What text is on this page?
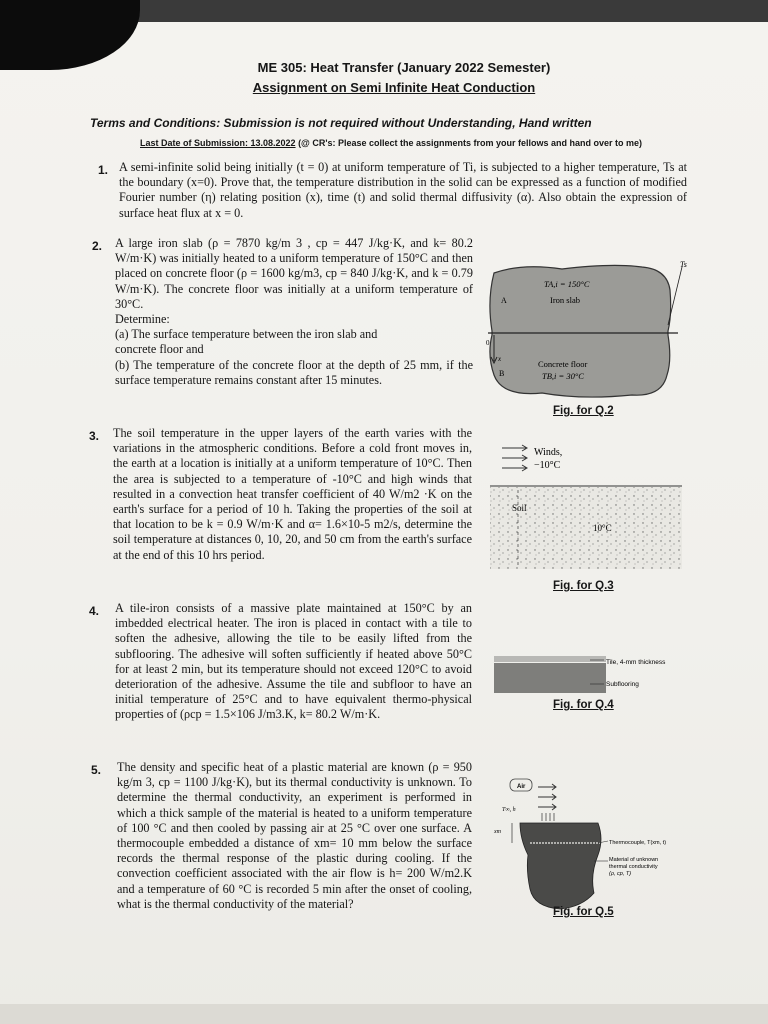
ME 305: Heat Transfer (January 2022 Semester)
Assignment on Semi Infinite Heat Conduction
Terms and Conditions: Submission is not required without Understanding, Hand written
Last Date of Submission: 13.08.2022 (@ CR's: Please collect the assignments from your fellows and hand over to me)
1. A semi-infinite solid being initially (t = 0) at uniform temperature of Ti, is subjected to a higher temperature, Ts at the boundary (x=0). Prove that, the temperature distribution in the solid can be expressed as a function of modified Fourier number (η) relating position (x), time (t) and solid thermal diffusivity (α). Also obtain the expression of surface heat flux at x = 0.
2. A large iron slab (ρ = 7870 kg/m 3 , cp = 447 J/kg·K, and k= 80.2 W/m·K) was initially heated to a uniform temperature of 150°C and then placed on concrete floor (ρ = 1600 kg/m3, cp = 840 J/kg·K, and k = 0.79 W/m·K). The concrete floor was initially at a uniform temperature of 30°C.

Determine:

(a) The surface temperature between the iron slab and concrete floor and

(b) The temperature of the concrete floor at the depth of 25 mm, if the surface temperature remains constant after 15 minutes.

Ts
TA,i = 150°C
Iron slab
Concrete floor
TB,i = 30°C
A
B
x
0
Fig. for Q.2
3. The soil temperature in the upper layers of the earth varies with the variations in the atmospheric conditions. Before a cold front moves in, the earth at a location is initially at a uniform temperature of 10°C. Then the area is subjected to a temperature of -10°C and high winds that resulted in a convection heat transfer coefficient of 40 W/m2 ·K on the earth's surface for a period of 10 h. Taking the properties of the soil at that location to be k = 0.9 W/m·K and α= 1.6×10-5 m2/s, determine the soil temperature at distances 0, 10, 20, and 50 cm from the earth's surface at the end of this 10 hrs period.
Winds,
−10°C
Soil
10°C
Fig. for Q.3
4. A tile-iron consists of a massive plate maintained at 150°C by an imbedded electrical heater. The iron is placed in contact with a tile to soften the adhesive, allowing the tile to be easily lifted from the subflooring. The adhesive will soften sufficiently if heated above 50°C for at least 2 min, but its temperature should not exceed 120°C to avoid deterioration of the adhesive. Assume the tile and subfloor to have an initial temperature of 25°C and to have equivalent thermo-physical properties of (ρcp = 1.5×106 J/m3.K, k= 80.2 W/m·K.
Tile, 4-mm thickness
Subflooring
Fig. for Q.4
5. The density and specific heat of a plastic material are known (ρ = 950 kg/m 3, cp = 1100 J/kg·K), but its thermal conductivity is unknown. To determine the thermal conductivity, an experiment is performed in which a thick sample of the material is heated to a uniform temperature of 100 °C and then cooled by passing air at 25 °C over one surface. A thermocouple embedded a distance of xm= 10 mm below the surface records the thermal response of the plastic during cooling. If the convection coefficient associated with the air flow is h= 200 W/m2.K and a temperature of 60 °C is recorded 5 min after the onset of cooling, what is the thermal conductivity of the material?
Air
T∞, h
xm
Thermocouple, T(xm, t)
Material of unknown
thermal conductivity
(ρ, cp, T)
Fig. for Q.5
